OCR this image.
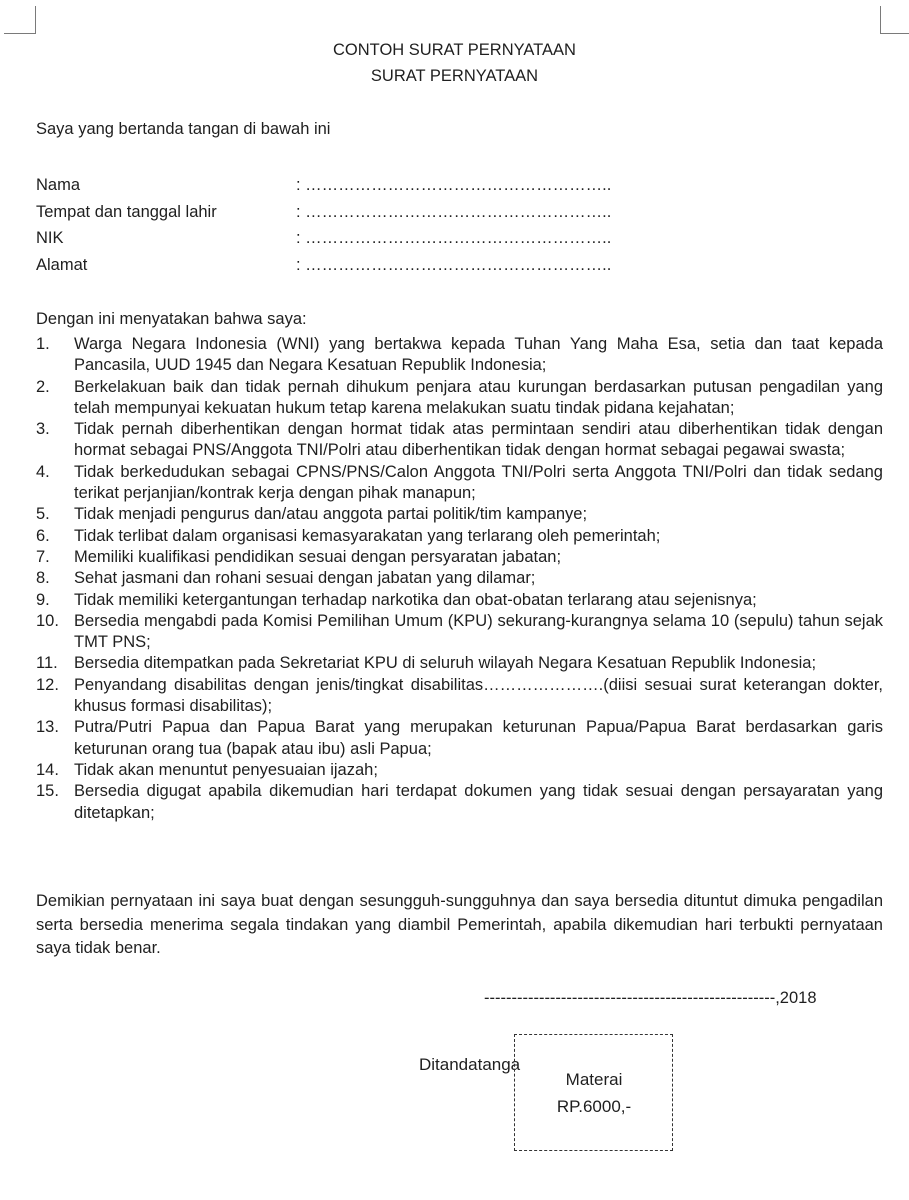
CONTOH SURAT PERNYATAAN
SURAT PERNYATAAN
Saya yang bertanda tangan di bawah ini
Nama	: ………………………………………………..
Tempat dan tanggal lahir	: ………………………………………………..
NIK	: ………………………………………………..
Alamat	: ………………………………………………..
Dengan ini menyatakan bahwa saya:
1. Warga Negara Indonesia (WNI) yang bertakwa kepada Tuhan Yang Maha Esa, setia dan taat kepada Pancasila, UUD 1945 dan Negara Kesatuan Republik Indonesia;
2. Berkelakuan baik dan tidak pernah dihukum penjara atau kurungan berdasarkan putusan pengadilan yang telah mempunyai kekuatan hukum tetap karena melakukan suatu tindak pidana kejahatan;
3. Tidak pernah diberhentikan dengan hormat tidak atas permintaan sendiri atau diberhentikan tidak dengan hormat sebagai PNS/Anggota TNI/Polri atau diberhentikan tidak dengan hormat sebagai pegawai swasta;
4. Tidak berkedudukan sebagai CPNS/PNS/Calon Anggota TNI/Polri serta Anggota TNI/Polri dan tidak sedang terikat perjanjian/kontrak kerja dengan pihak manapun;
5. Tidak menjadi pengurus dan/atau anggota partai politik/tim kampanye;
6. Tidak terlibat dalam organisasi kemasyarakatan yang terlarang oleh pemerintah;
7. Memiliki kualifikasi pendidikan sesuai dengan persyaratan jabatan;
8. Sehat jasmani dan rohani sesuai dengan jabatan yang dilamar;
9. Tidak memiliki ketergantungan terhadap narkotika dan obat-obatan terlarang atau sejenisnya;
10. Bersedia mengabdi pada Komisi Pemilihan Umum (KPU) sekurang-kurangnya selama 10 (sepulu) tahun sejak TMT PNS;
11. Bersedia ditempatkan pada Sekretariat KPU di seluruh wilayah Negara Kesatuan Republik Indonesia;
12. Penyandang disabilitas dengan jenis/tingkat disabilitas………………….(diisi sesuai surat keterangan dokter, khusus formasi disabilitas);
13. Putra/Putri Papua dan Papua Barat yang merupakan keturunan Papua/Papua Barat berdasarkan garis keturunan orang tua (bapak atau ibu) asli Papua;
14. Tidak akan menuntut penyesuaian ijazah;
15. Bersedia digugat apabila dikemudian hari terdapat dokumen yang tidak sesuai dengan persayaratan yang ditetapkan;
Demikian pernyataan ini saya buat dengan sesungguh-sungguhnya dan saya bersedia dituntut dimuka pengadilan serta bersedia menerima segala tindakan yang diambil Pemerintah, apabila dikemudian hari terbukti pernyataan saya tidak benar.
-----------------------------------------------------,2018
Ditandatanga
Materai
RP.6000,-
